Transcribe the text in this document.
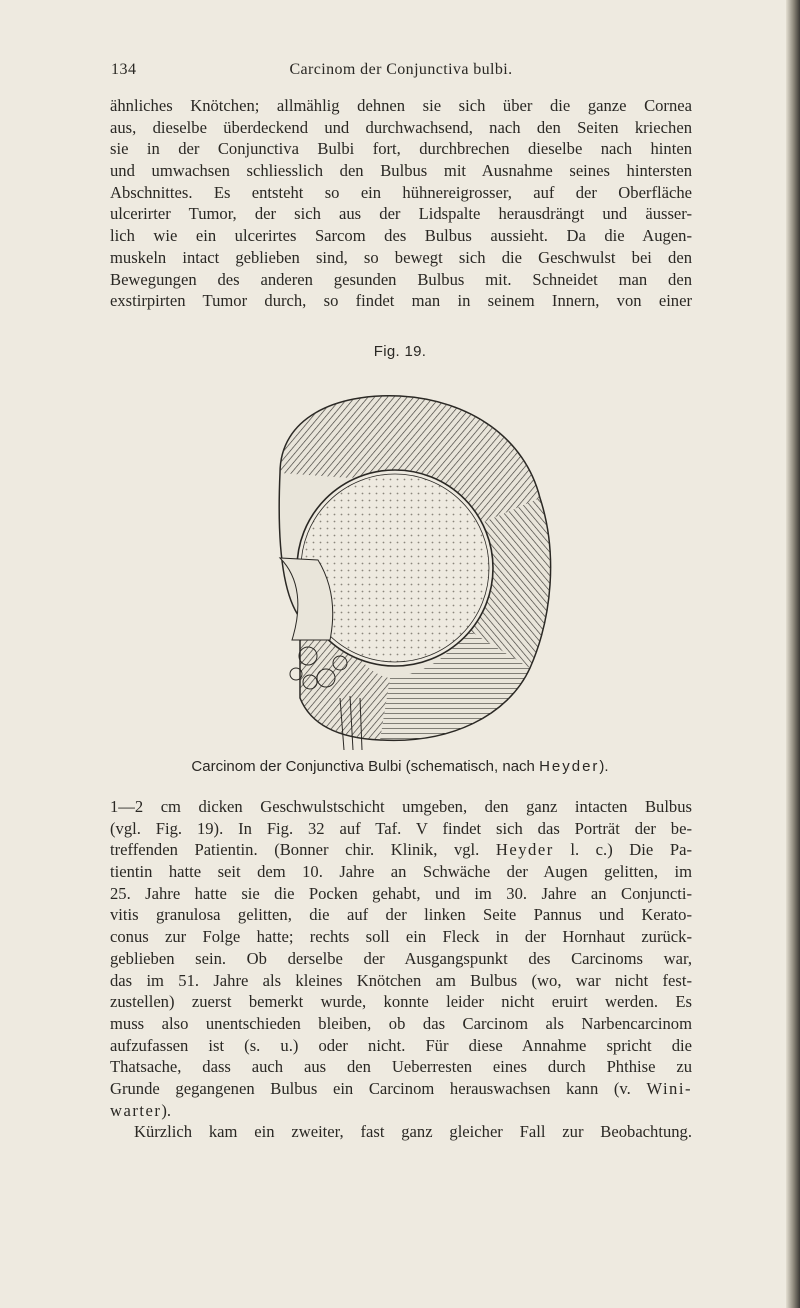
134	Carcinom der Conjunctiva bulbi.
ähnliches Knötchen; allmählig dehnen sie sich über die ganze Cornea
aus, dieselbe überdeckend und durchwachsend, nach den Seiten kriechen
sie in der Conjunctiva Bulbi fort, durchbrechen dieselbe nach hinten
und umwachsen schliesslich den Bulbus mit Ausnahme seines hintersten
Abschnittes. Es entsteht so ein hühnereigrosser, auf der Oberfläche
ulcerirter Tumor, der sich aus der Lidspalte herausdrängt und äusser-
lich wie ein ulcerirtes Sarcom des Bulbus aussieht. Da die Augen-
muskeln intact geblieben sind, so bewegt sich die Geschwulst bei den
Bewegungen des anderen gesunden Bulbus mit. Schneidet man den
exstirpirten Tumor durch, so findet man in seinem Innern, von einer
Fig. 19.
Carcinom der Conjunctiva Bulbi (schematisch, nach Heyder).
1—2 cm dicken Geschwulstschicht umgeben, den ganz intacten Bulbus
(vgl. Fig. 19). In Fig. 32 auf Taf. V findet sich das Porträt der be-
treffenden Patientin. (Bonner chir. Klinik, vgl. Heyder l. c.) Die Pa-
tientin hatte seit dem 10. Jahre an Schwäche der Augen gelitten, im
25. Jahre hatte sie die Pocken gehabt, und im 30. Jahre an Conjuncti-
vitis granulosa gelitten, die auf der linken Seite Pannus und Kerato-
conus zur Folge hatte; rechts soll ein Fleck in der Hornhaut zurück-
geblieben sein. Ob derselbe der Ausgangspunkt des Carcinoms war,
das im 51. Jahre als kleines Knötchen am Bulbus (wo, war nicht fest-
zustellen) zuerst bemerkt wurde, konnte leider nicht eruirt werden. Es
muss also unentschieden bleiben, ob das Carcinom als Narbencarcinom
aufzufassen ist (s. u.) oder nicht. Für diese Annahme spricht die
Thatsache, dass auch aus den Ueberresten eines durch Phthise zu
Grunde gegangenen Bulbus ein Carcinom herauswachsen kann (v. Wini-
warter).
Kürzlich kam ein zweiter, fast ganz gleicher Fall zur Beobachtung.
